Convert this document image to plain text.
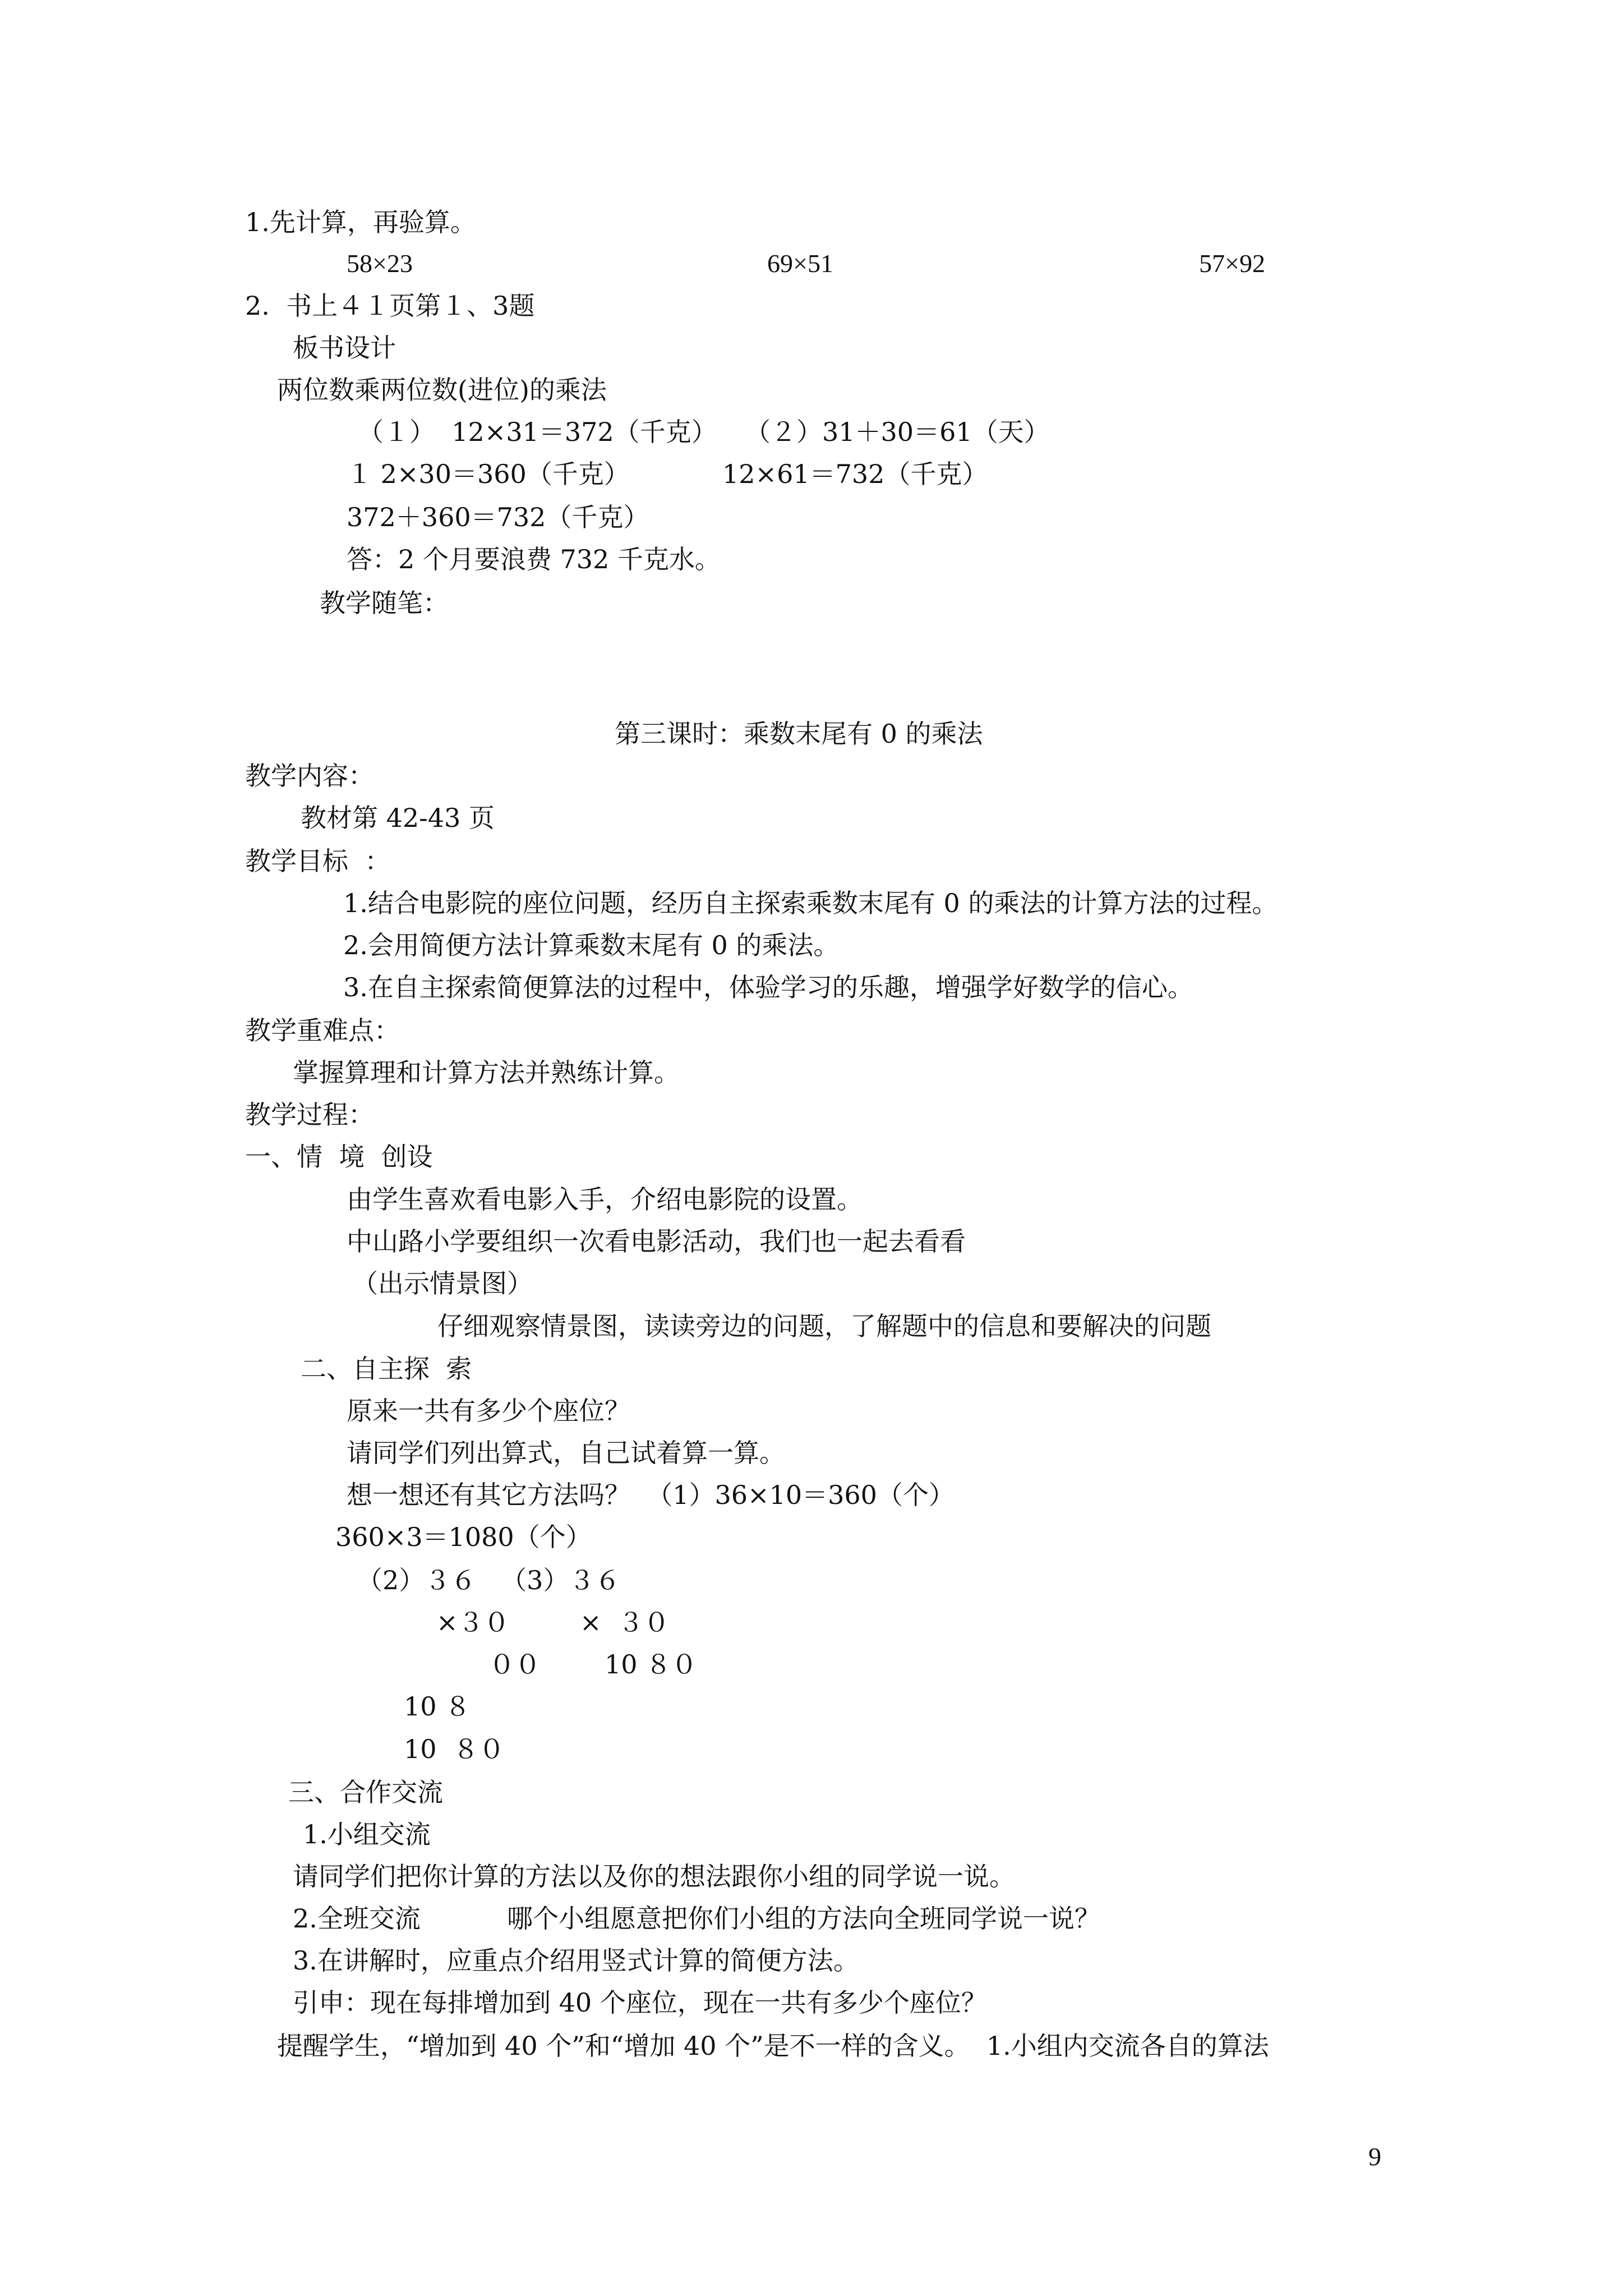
1.先计算，再验算。
58×23	69×51	57×92
2.  书上４１页第１、3题
板书设计
两位数乘两位数(进位)的乘法
（１）  12×31＝372（千克） （２）31＋30＝61（天）
１ 2×30＝360（千克）	12×61＝732（千克）
372＋360＝732（千克）
答：2 个月要浪费 732 千克水。
教学随笔：
第三课时：乘数末尾有 0 的乘法
教学内容：
教材第 42-43 页
教学目标  ：
1.结合电影院的座位问题，经历自主探索乘数末尾有 0 的乘法的计算方法的过程。
2.会用简便方法计算乘数末尾有 0 的乘法。
3.在自主探索简便算法的过程中，体验学习的乐趣，增强学好数学的信心。
教学重难点：
掌握算理和计算方法并熟练计算。
教学过程：
一、情  境  创设
由学生喜欢看电影入手，介绍电影院的设置。
中山路小学要组织一次看电影活动，我们也一起去看看
（出示情景图）
仔细观察情景图，读读旁边的问题，了解题中的信息和要解决的问题
二、自主探  索
原来一共有多少个座位？
请同学们列出算式，自己试着算一算。
想一想还有其它方法吗？  （1）36×10＝360（个）
360×3＝1080（个）
（2）３６   （3）３６
×３０	×  ３０
００ 10 ８０
10 ８
10  ８０
三、合作交流
1.小组交流
请同学们把你计算的方法以及你的想法跟你小组的同学说一说。
2.全班交流	哪个小组愿意把你们小组的方法向全班同学说一说？
3.在讲解时，应重点介绍用竖式计算的简便方法。
引申：现在每排增加到 40 个座位，现在一共有多少个座位？
提醒学生，“增加到 40 个”和“增加 40 个”是不一样的含义。  1.小组内交流各自的算法
9
